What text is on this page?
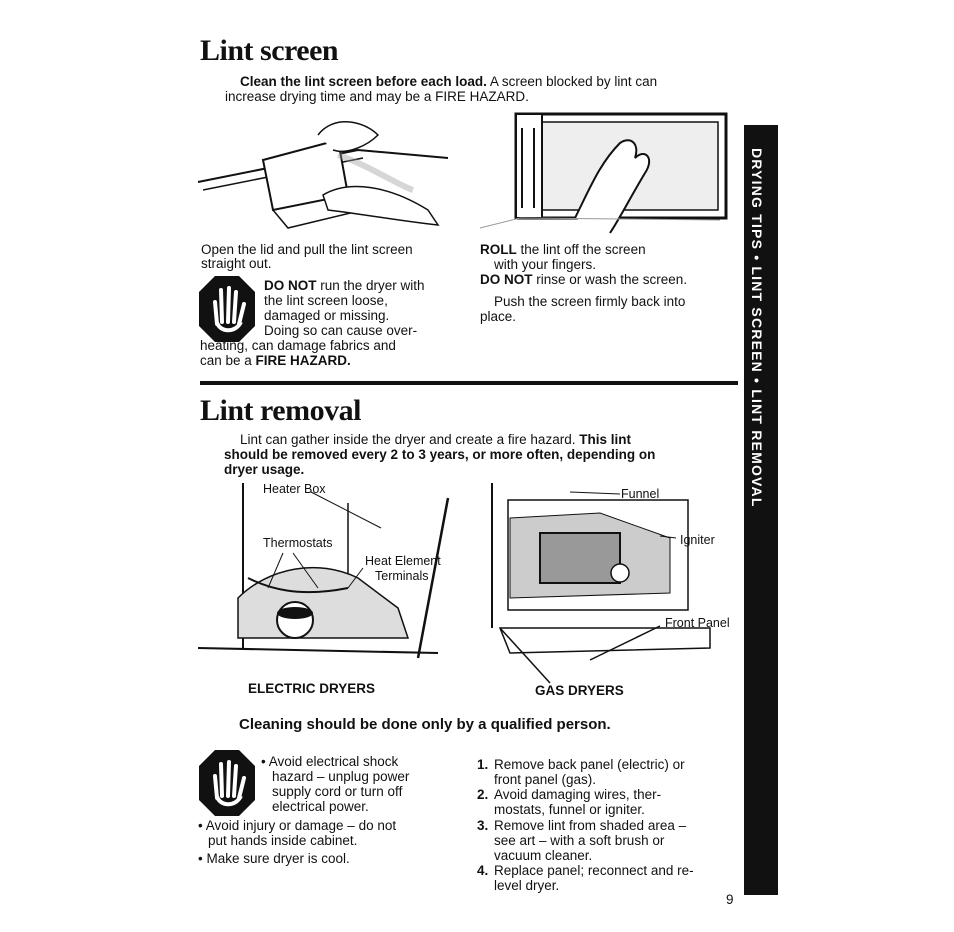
DRYING TIPS • LINT SCREEN • LINT REMOVAL
Lint screen
Clean the lint screen before each load. A screen blocked by lint can
increase drying time and may be a FIRE HAZARD.
Open the lid and pull the lint screen
straight out.
DO NOT run the dryer with
the lint screen loose,
damaged or missing.
Doing so can cause over-
heating, can damage fabrics and
can be a FIRE HAZARD.
ROLL the lint off the screen
with your fingers.
DO NOT rinse or wash the screen.
Push the screen firmly back into
place.
Lint removal
Lint can gather inside the dryer and create a fire hazard. This lint
should be removed every 2 to 3 years, or more often, depending on
dryer usage.
Heater Box
Thermostats
Heat Element
Terminals
Funnel
Igniter
Front Panel
ELECTRIC DRYERS	GAS DRYERS
Cleaning should be done only by a qualified person.
• Avoid electrical shock
hazard – unplug power
supply cord or turn off
electrical power.
• Avoid injury or damage – do not
put hands inside cabinet.
• Make sure dryer is cool.
1. Remove back panel (electric) or
front panel (gas).
2. Avoid damaging wires, ther-
mostats, funnel or igniter.
3. Remove lint from shaded area –
see art – with a soft brush or
vacuum cleaner.
4. Replace panel; reconnect and re-
level dryer.
9
